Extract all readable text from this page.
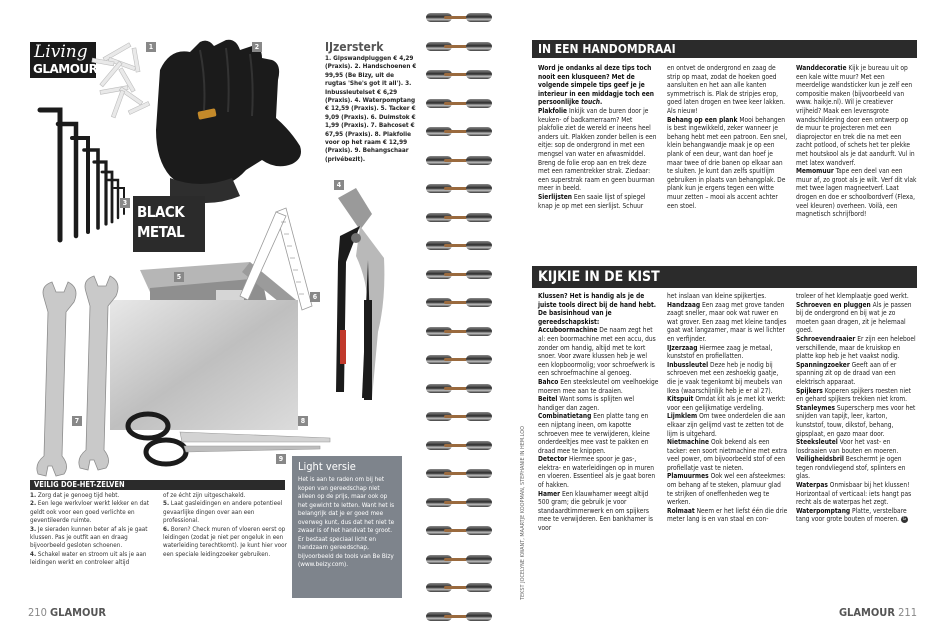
Living
GLAMOUR
PIKAS
1	2
3
4
5
6
7	8
9
IJzersterk

1. Gipswandpluggen € 4,29 (Praxis). 2. Handschoenen € 99,95 (Be Bizy, uit de rugtas 'She's got it all'). 3. Inbussleutelset € 6,29 (Praxis). 4. Waterpomptang € 12,59 (Praxis). 5. Tacker € 9,09 (Praxis). 6. Duimstok € 1,99 (Praxis). 7. Bahcoset € 67,95 (Praxis). 8. Plakfolie voor op het raam € 12,99 (Praxis). 9. Behangschaar (privébezit).

BLACK
METAL
VEILIG DOE-HET-ZELVEN
1. Zorg dat je genoeg tijd hebt.
2. Een lege werkvloer werkt lekker en dat geldt ook voor een goed verlichte en geventileerde ruimte.
3. Je sieraden kunnen beter af als je gaat klussen. Pas je outfit aan en draag bijvoorbeeld gesloten schoenen.
4. Schakel water en stroom uit als je aan leidingen werkt en controleer altijd
of ze écht zijn uitgeschakeld.
5. Laat gasleidingen en andere potentieel gevaarlijke dingen over aan een professional.
6. Boren? Check muren of vloeren eerst op leidingen (zodat je niet per ongeluk in een waterleiding terechtkomt). Je kunt hier voor een speciale leidingzoeker gebruiken.
Light versie

Het is aan te raden om bij het kopen van gereedschap niet alleen op de prijs, maar ook op het gewicht te letten. Want het is belangrijk dat je er goed mee overweg kunt, dus dat het niet te zwaar is of het handvat te groot. Er bestaat speciaal licht en handzaam gereedschap, bijvoorbeeld de tools van Be Bizy (www.beizy.com).

210 GLAMOUR
IN EEN HANDOMDRAAI
Word je ondanks al deze tips toch nooit een klusqueen? Met de volgende simpele tips geef je je interieur in een middagje toch een persoonlijke touch.
Plakfolie Inkijk van de buren door je keuken- of badkamerraam? Met plakfolie ziet de wereld er ineens heel anders uit. Plakken zonder bellen is een eitje: sop de ondergrond in met een mengsel van water en afwasmiddel. Breng de folie erop aan en trek deze met een ramentrekker strak. Ziedaar: een superstrak raam en geen buurman meer in beeld.
Sierlijsten Een saaie lijst of spiegel knap je op met een sierlijst. Schuur
en ontvet de ondergrond en zaag de strip op maat, zodat de hoeken goed aansluiten en het aan alle kanten symmetrisch is. Plak de stripjes erop, goed laten drogen en twee keer lakken. Als nieuw!
Behang op een plank Mooi behangen is best ingewikkeld, zeker wanneer je behang hebt met een patroon. Een snel, klein behangwandje maak je op een plank of een deur, want dan hoef je maar twee of drie banen op elkaar aan te sluiten. Je kunt dan zelfs spuitlijm gebruiken in plaats van behangplak. De plank kun je ergens tegen een witte muur zetten – mooi als accent achter een stoel.
Wanddecoratie Kijk je bureau uit op een kale witte muur? Met een meerdelige wandsticker kun je zelf een compositie maken (bijvoorbeeld van www. haikje.nl). Wil je creatiever vrijheid? Maak een levensgrote wandschildering door een ontwerp op de muur te projecteren met een diaprojector en trek die na met een zacht potlood, of schets het ter plekke met houtskool als je dat aandurft. Vul in met latex wandverf.
Memomuur Tape een deel van een muur af, zo groot als je wilt. Verf dit vlak met twee lagen magneetverf. Laat drogen en doe er schoolbordverf (Flexa, veel kleuren) overheen. Voilà, een magnetisch schrijfbord!
KIJKIE IN DE KIST
TEKST JOCELYNE KWANT, MAARTJE KOOPMAN, STEPHANIE IN HEM.LOO
Klussen? Het is handig als je de juiste tools direct bij de hand hebt. De basisinhoud van je gereedschapskist:
Accuboormachine De naam zegt het al: een boormachine met een accu, dus zonder om handig, altijd met te kort snoer. Voor zware klussen heb je wel een klopboormolig; voor schroefwerk is een schroefmachine al genoeg.
Bahco Een steeksleutel om veelhoekige moeren mee aan te draaien.
Beitel Want soms is splijten wel handiger dan zagen.
Combinatietang Een platte tang en een nijptang ineen, om kapotte schroeven mee te verwijderen, kleine onderdeeltjes mee vast te pakken en draad mee te knippen.
Detector Hiermee spoor je gas-, elektra- en waterleidingen op in muren en vloeren. Essentieel als je gaat boren of hakken.
Hamer Een klauwhamer weegt altijd 500 gram; die gebruik je voor standaardtimmerwerk en om spijkers mee te verwijderen. Een bankhamer is voor
het inslaan van kleine spijkertjes.
Handzaag Een zaag met grove tanden zaagt sneller, maar ook wat ruwer en wat grover. Een zaag met kleine tandjes gaat wat langzamer, maar is wel lichter en verfijnder.
IJzerzaag Hiermee zaag je metaal, kunststof en profiellatten.
Inbussleutel Deze heb je nodig bij schroeven met een zeshoekig gaatje, die je vaak tegenkomt bij meubels van Ikea (waarschijnlijk heb je er al 27).
Kitspuit Omdat kit als je met kit werkt: voor een gelijkmatige verdeling.
Lijmklem Om twee onderdelen die aan elkaar zijn gelijmd vast te zetten tot de lijm is uitgehard.
Nietmachine Ook bekend als een tacker: een soort nietmachine met extra veel power, om bijvoorbeeld stof of een profiellatje vast te nieten.
Plamuurmes Ook wel een afsteekmes: om behang af te steken, plamuur glad te strijken of oneffenheden weg te werken.
Rolmaat Neem er het liefst één die drie meter lang is en van staal en con-
troleer of het klemplaatje goed werkt.
Schroeven en pluggen Als je passen bij de ondergrond en bij wat je zo moeten gaan dragen, zit je helemaal goed.
Schroevendraaier Er zijn een heleboel verschillende, maar de kruiskop en platte kop heb je het vaakst nodig.
Spanningzoeker Geeft aan of er spanning zit op de draad van een elektrisch apparaat.
Spijkers Koperen spijkers roesten niet en gehard spijkers trekken niet krom.
Stanleymes Superscherp mes voor het snijden van tapijt, leer, karton, kunststof, touw, dikstof, behang, gipsplaat, en gazo maar door.
Steeksleutel Voor het vast- en losdraaien van bouten en moeren.
Veiligheidsbril Beschermt je ogen tegen rondvliegend stof, splinters en glas.
Waterpas Onmisbaar bij het klussen! Horizontaal of verticaal: iets hangt pas recht als de waterpas het zegt.
Waterpomptang Platte, verstelbare tang voor grote bouten of moeren. G
GLAMOUR 211
